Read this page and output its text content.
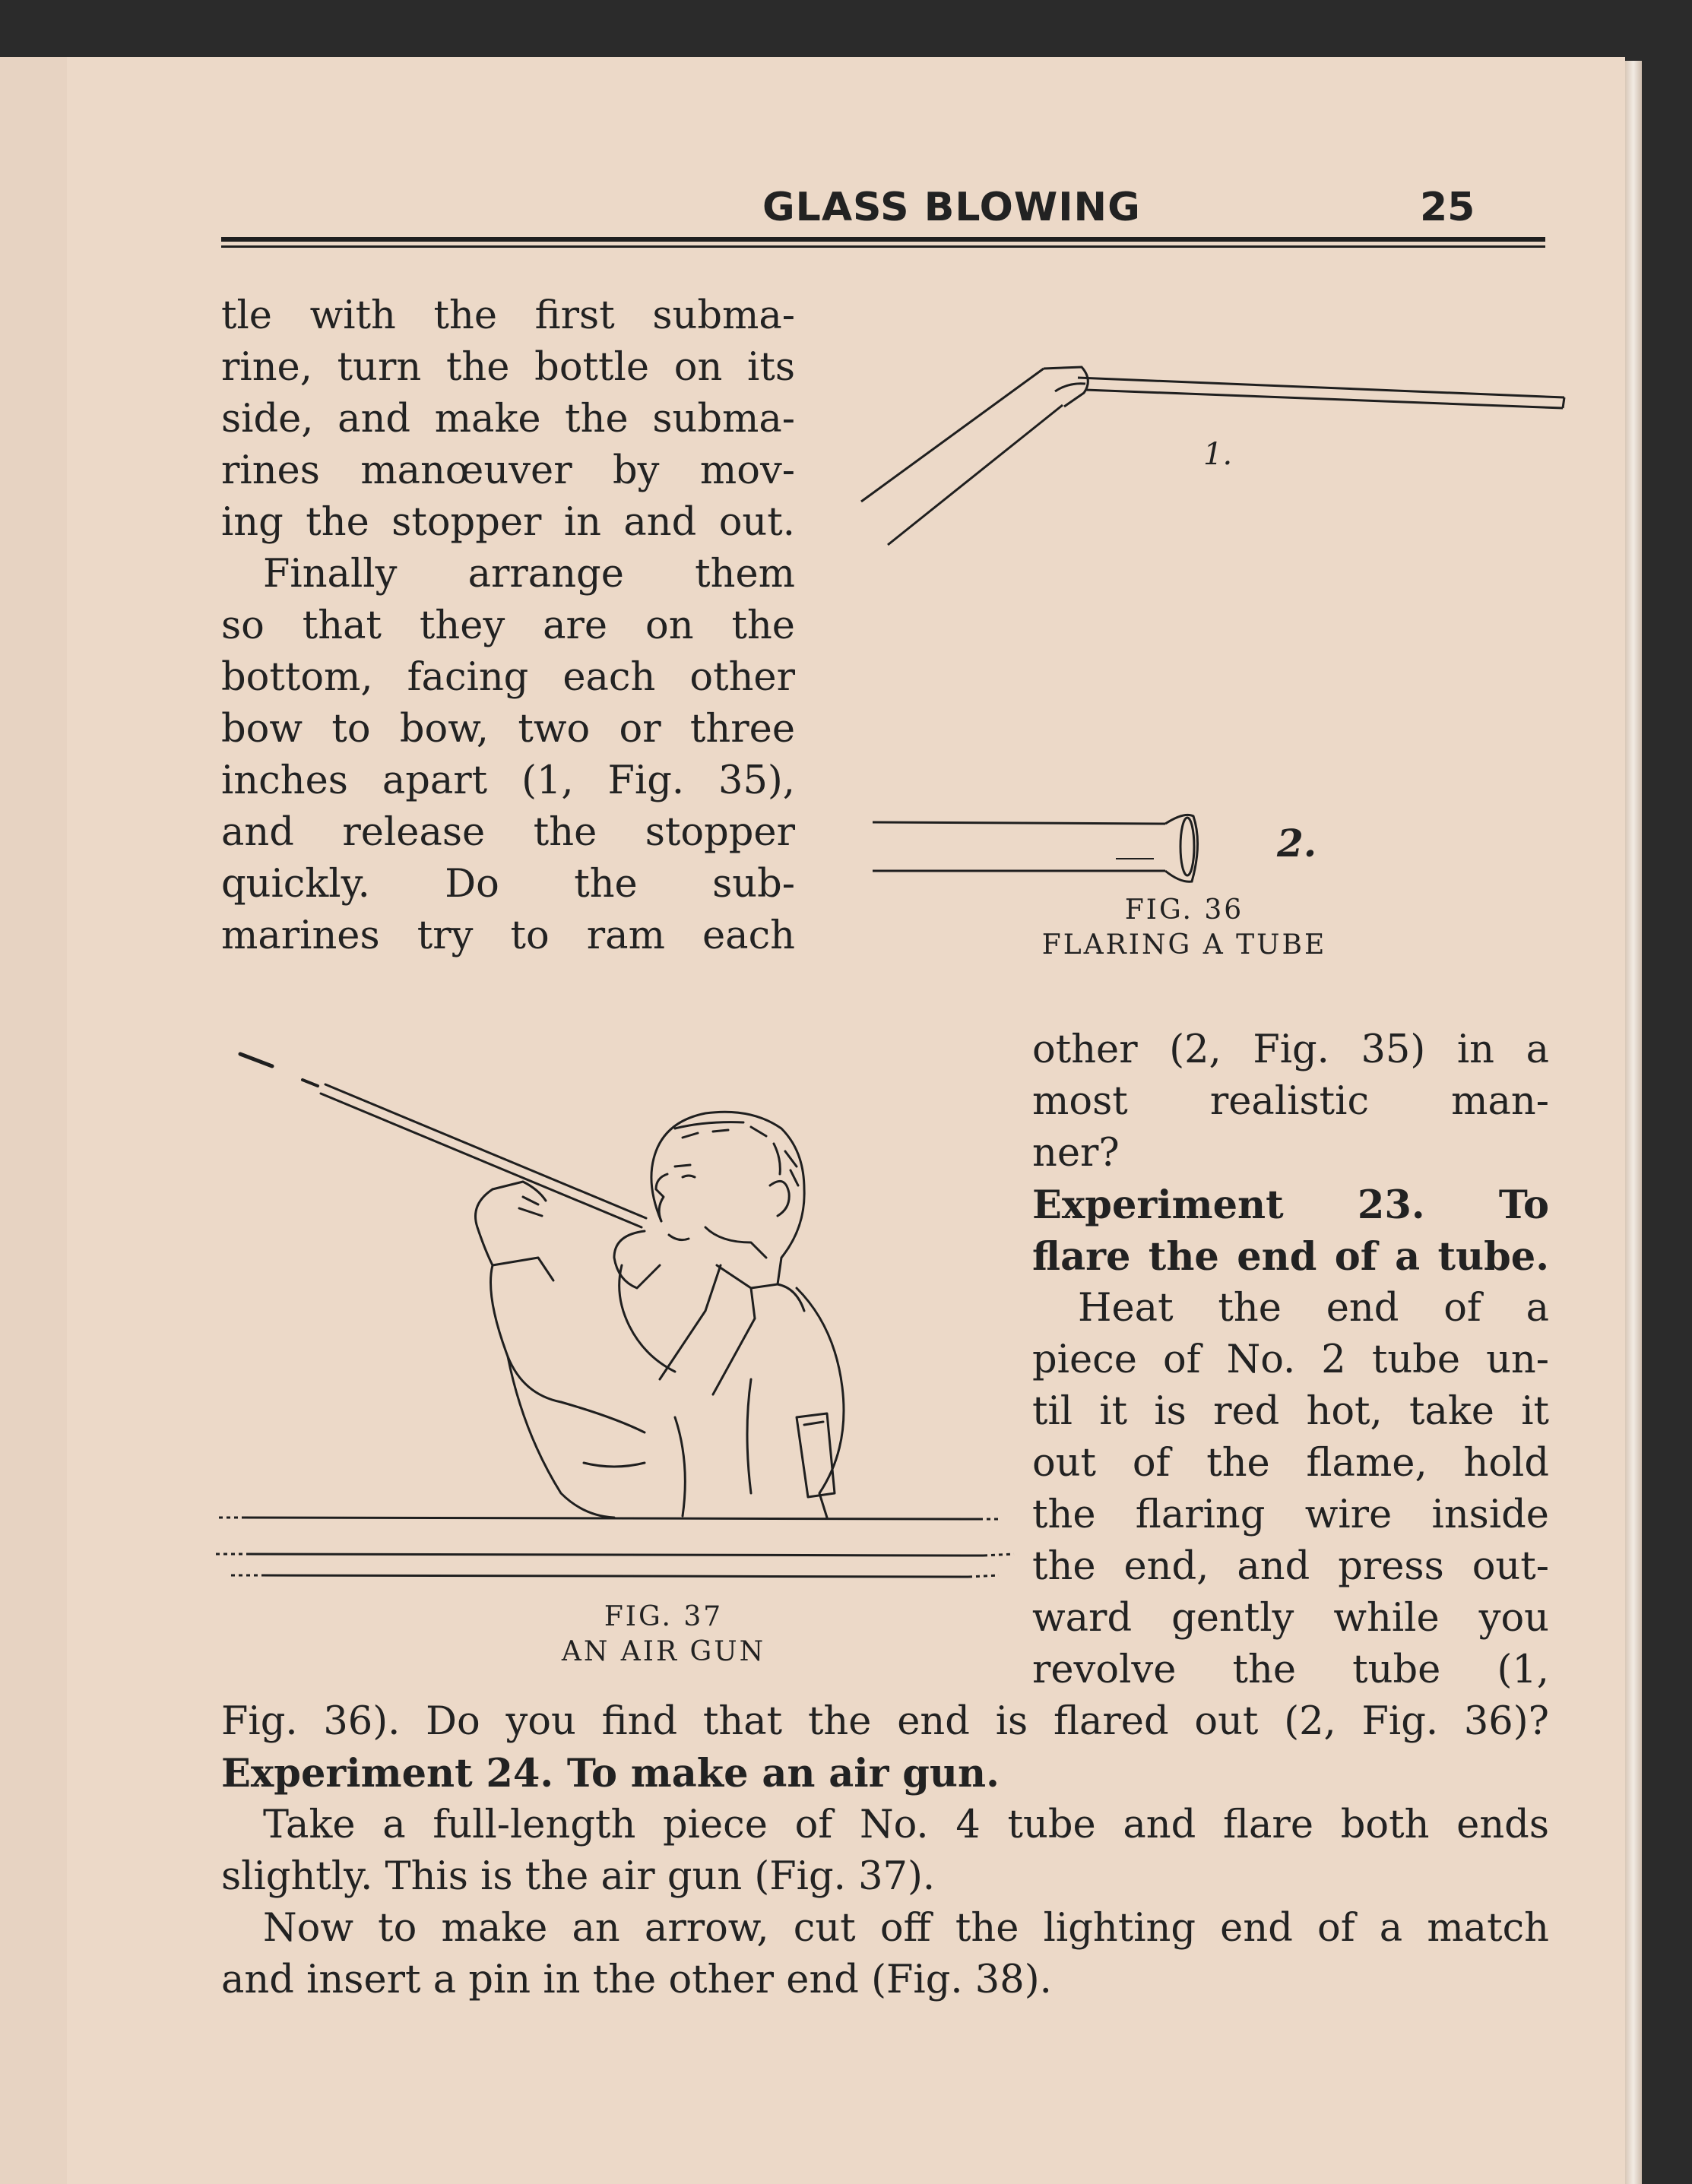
GLASS BLOWING	25

tle with the first subma-

rine, turn the bottle on its

side, and make the subma-

rines manœuver by mov-

ing the stopper in and out.

Finally arrange them

so that they are on the

bottom, facing each other

bow to bow, two or three

inches apart (1, Fig. 35),

and release the stopper

quickly. Do the sub-

marines try to ram each

1.

2.

FIG. 36

FLARING A TUBE

other (2, Fig. 35) in a

most realistic man-

ner?

Experiment 23. To

flare the end of a tube.

Heat the end of a

piece of No. 2 tube un-

til it is red hot, take it

out of the flame, hold

the flaring wire inside

the end, and press out-

ward gently while you

revolve the tube (1,

FIG. 37

AN AIR GUN

Fig. 36). Do you find that the end is flared out (2, Fig. 36)?

Experiment 24. To make an air gun.

Take a full-length piece of No. 4 tube and flare both ends

slightly. This is the air gun (Fig. 37).

Now to make an arrow, cut off the lighting end of a match

and insert a pin in the other end (Fig. 38).
